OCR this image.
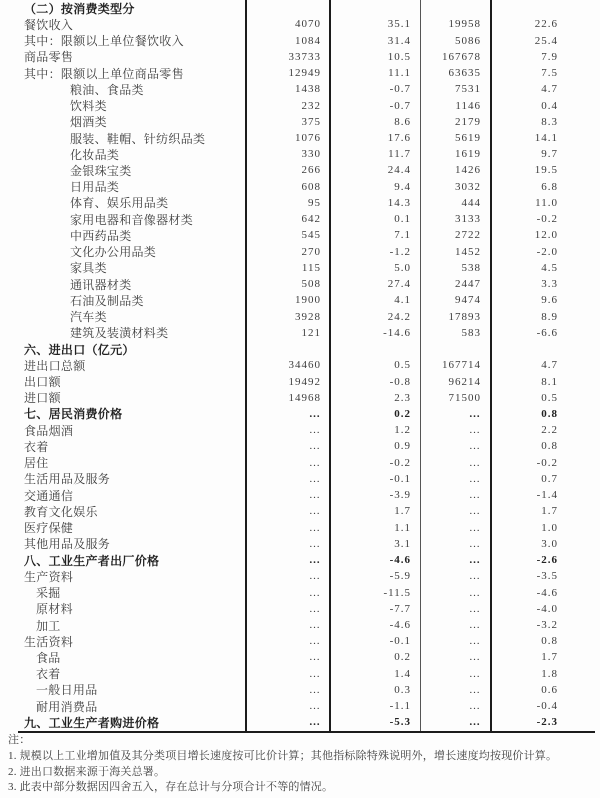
（二）按消费类型分
餐饮收入	4070	35.1	19958	22.6
其中：限额以上单位餐饮收入	1084	31.4	5086	25.4
商品零售	33733	10.5	167678	7.9
其中：限额以上单位商品零售	12949	11.1	63635	7.5
粮油、食品类	1438	-0.7	7531	4.7
饮料类	232	-0.7	1146	0.4
烟酒类	375	8.6	2179	8.3
服装、鞋帽、针纺织品类	1076	17.6	5619	14.1
化妆品类	330	11.7	1619	9.7
金银珠宝类	266	24.4	1426	19.5
日用品类	608	9.4	3032	6.8
体育、娱乐用品类	95	14.3	444	11.0
家用电器和音像器材类	642	0.1	3133	-0.2
中西药品类	545	7.1	2722	12.0
文化办公用品类	270	-1.2	1452	-2.0
家具类	115	5.0	538	4.5
通讯器材类	508	27.4	2447	3.3
石油及制品类	1900	4.1	9474	9.6
汽车类	3928	24.2	17893	8.9
建筑及装潢材料类	121	-14.6	583	-6.6
六、进出口（亿元）
进出口总额	34460	0.5	167714	4.7
出口额	19492	-0.8	96214	8.1
进口额	14968	2.3	71500	0.5
七、居民消费价格	…	0.2	…	0.8
食品烟酒	…	1.2	…	2.2
衣着	…	0.9	…	0.8
居住	…	-0.2	…	-0.2
生活用品及服务	…	-0.1	…	0.7
交通通信	…	-3.9	…	-1.4
教育文化娱乐	…	1.7	…	1.7
医疗保健	…	1.1	…	1.0
其他用品及服务	…	3.1	…	3.0
八、工业生产者出厂价格	…	-4.6	…	-2.6
生产资料	…	-5.9	…	-3.5
采掘	…	-11.5	…	-4.6
原材料	…	-7.7	…	-4.0
加工	…	-4.6	…	-3.2
生活资料	…	-0.1	…	0.8
食品	…	0.2	…	1.7
衣着	…	1.4	…	1.8
一般日用品	…	0.3	…	0.6
耐用消费品	…	-1.1	…	-0.4
九、工业生产者购进价格	…	-5.3	…	-2.3
注：
1. 规模以上工业增加值及其分类项目增长速度按可比价计算；其他指标除特殊说明外，增长速度均按现价计算。
2. 进出口数据来源于海关总署。
3. 此表中部分数据因四舍五入，存在总计与分项合计不等的情况。
